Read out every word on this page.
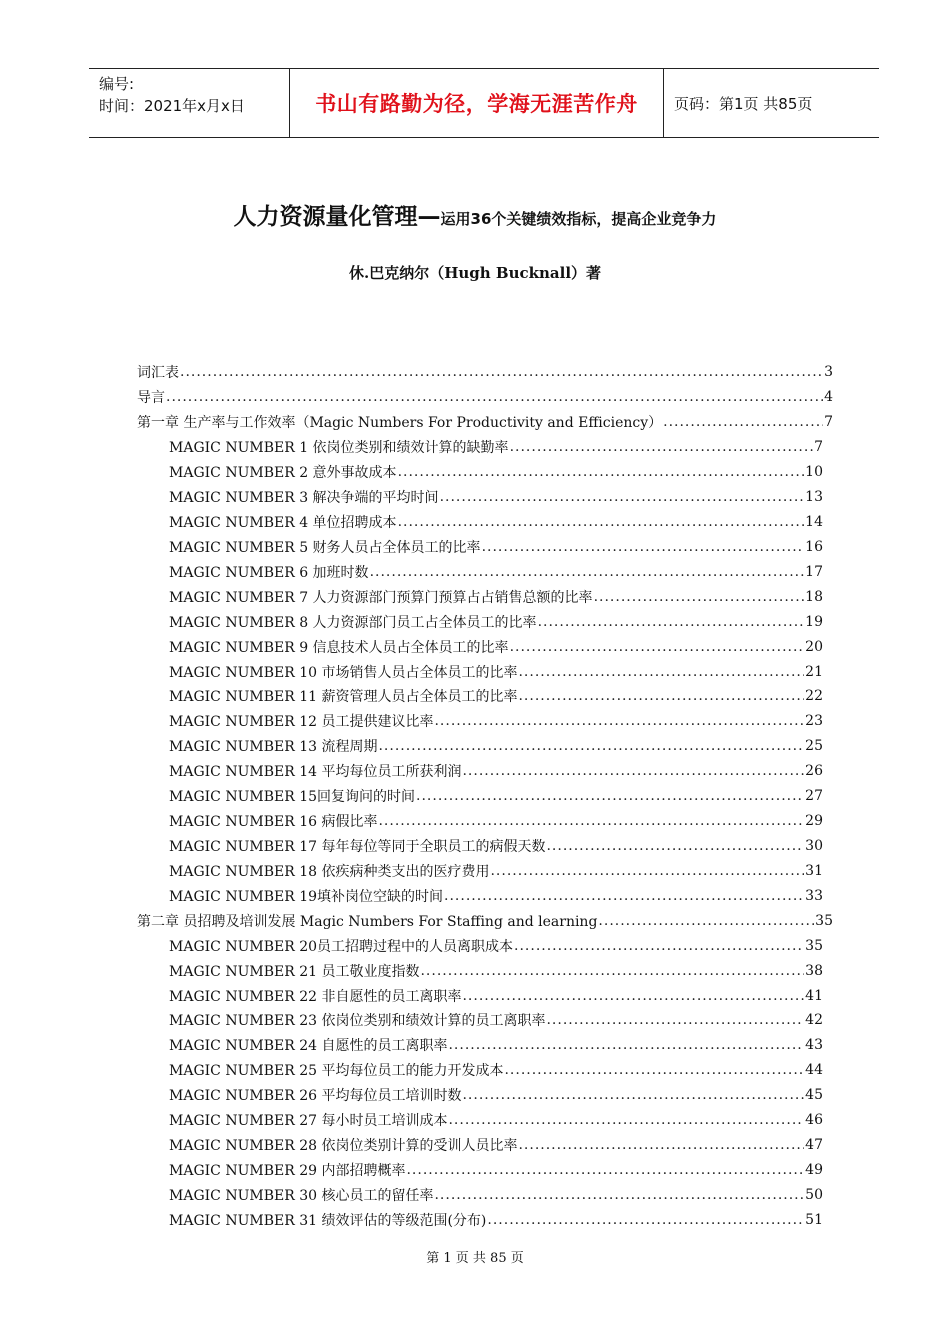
编号:
时间：2021年x月x日	书山有路勤为径，学海无涯苦作舟	页码：第1页 共85页
人力资源量化管理—运用36个关键绩效指标，提高企业竞争力
休.巴克纳尔（Hugh Bucknall）著
词汇表 .....	3
导言 .....	4
第一章 生产率与工作效率（Magic Numbers For Productivity and Efficiency） .....	7
MAGIC NUMBER 1 依岗位类别和绩效计算的缺勤率 .....	7
MAGIC NUMBER 2 意外事故成本 .....	10
MAGIC NUMBER 3 解决争端的平均时间 .....	13
MAGIC NUMBER 4 单位招聘成本 .....	14
MAGIC NUMBER 5 财务人员占全体员工的比率 .....	16
MAGIC NUMBER 6 加班时数 .....	17
MAGIC NUMBER 7 人力资源部门预算门预算占占销售总额的比率 .....	18
MAGIC NUMBER 8 人力资源部门员工占全体员工的比率 .....	19
MAGIC NUMBER 9 信息技术人员占全体员工的比率 .....	20
MAGIC NUMBER 10 市场销售人员占全体员工的比率 .....	21
MAGIC NUMBER 11 薪资管理人员占全体员工的比率 .....	22
MAGIC NUMBER 12 员工提供建议比率 .....	23
MAGIC NUMBER 13 流程周期 .....	25
MAGIC NUMBER 14 平均每位员工所获利润 .....	26
MAGIC NUMBER 15回复询问的时间 .....	27
MAGIC NUMBER 16 病假比率 .....	29
MAGIC NUMBER 17 每年每位等同于全职员工的病假天数 .....	30
MAGIC NUMBER 18 依疾病种类支出的医疗费用 .....	31
MAGIC NUMBER 19填补岗位空缺的时间 .....	33
第二章 员招聘及培训发展 Magic Numbers For Staffing and learning .....	35
MAGIC NUMBER 20员工招聘过程中的人员离职成本 .....	35
MAGIC NUMBER 21 员工敬业度指数 .....	38
MAGIC NUMBER 22 非自愿性的员工离职率 .....	41
MAGIC NUMBER 23 依岗位类别和绩效计算的员工离职率 .....	42
MAGIC NUMBER 24 自愿性的员工离职率 .....	43
MAGIC NUMBER 25 平均每位员工的能力开发成本 .....	44
MAGIC NUMBER 26 平均每位员工培训时数 .....	45
MAGIC NUMBER 27 每小时员工培训成本 .....	46
MAGIC NUMBER 28 依岗位类别计算的受训人员比率 .....	47
MAGIC NUMBER 29 内部招聘概率 .....	49
MAGIC NUMBER 30 核心员工的留任率 .....	50
MAGIC NUMBER 31 绩效评估的等级范围(分布) .....	51
第 1 页 共 85 页
